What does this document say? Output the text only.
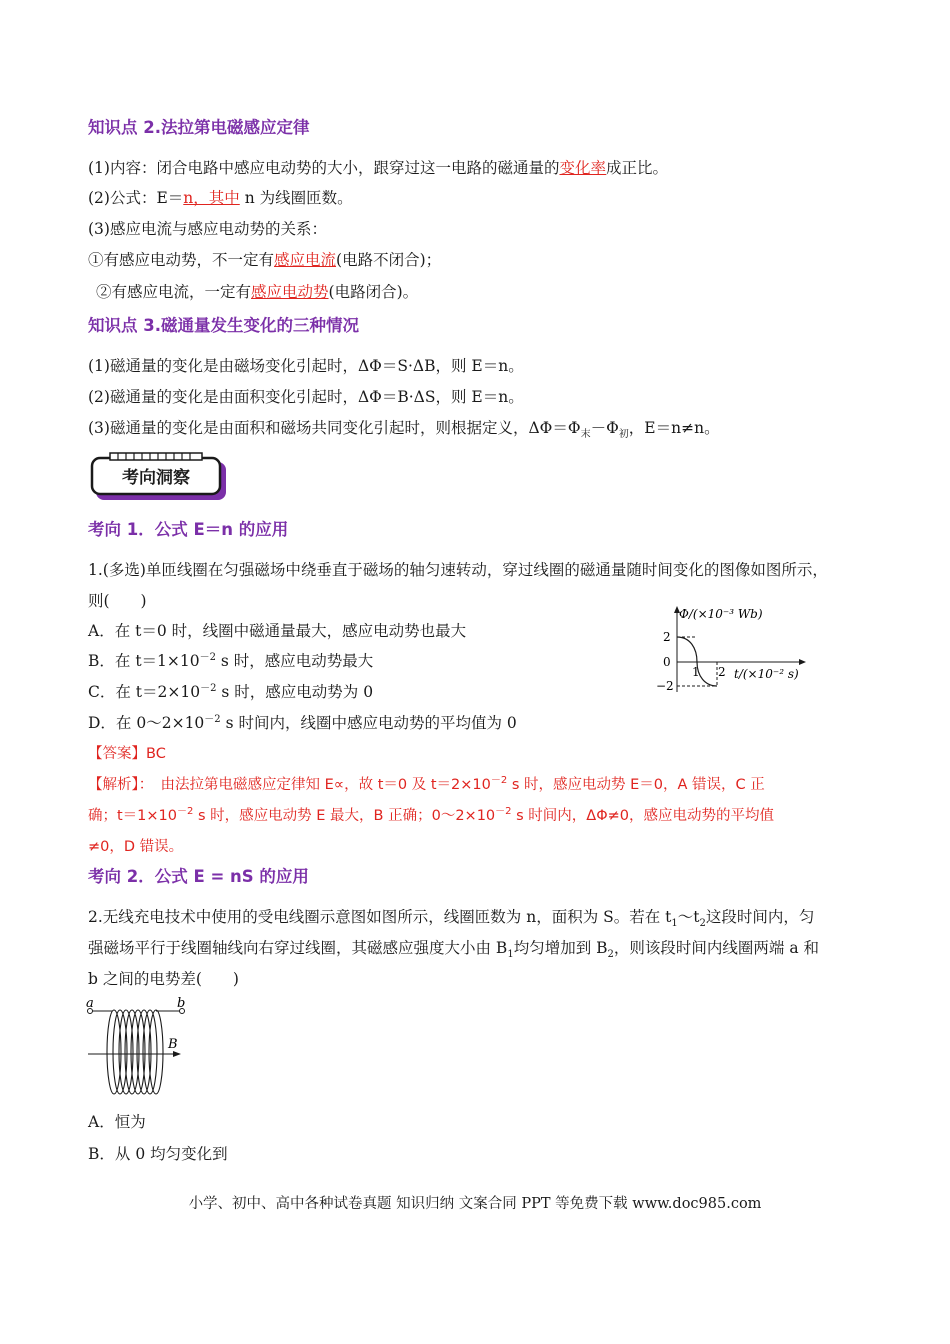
知识点 2.法拉第电磁感应定律
(1)内容：闭合电路中感应电动势的大小，跟穿过这一电路的磁通量的变化率成正比。
(2)公式：E＝n，其中 n 为线圈匝数。
(3)感应电流与感应电动势的关系：
①有感应电动势，不一定有感应电流(电路不闭合)；
②有感应电流，一定有感应电动势(电路闭合)。
知识点 3.磁通量发生变化的三种情况
(1)磁通量的变化是由磁场变化引起时，ΔΦ＝S·ΔB，则 E＝n。
(2)磁通量的变化是由面积变化引起时，ΔΦ＝B·ΔS，则 E＝n。
(3)磁通量的变化是由面积和磁场共同变化引起时，则根据定义，$\Delta\Phi=\Phi_末-\Phi_初$，E＝n≠n。
考向洞察
考向 1．公式 E＝n 的应用
1.(多选)单匝线圈在匀强磁场中绕垂直于磁场的轴匀速转动，穿过线圈的磁通量随时间变化的图像如图所示，
则(　　)
A．在 t＝0 时，线圈中磁通量最大，感应电动势也最大
B．在 $t=1\times 10^{-2}$ s 时，感应电动势最大
C．在 $t=2\times 10^{-2}$ s 时，感应电动势为 0
D．在 $0\sim 2\times 10^{-2}$ s 时间内，线圈中感应电动势的平均值为 0
Φ/(×10⁻³ Wb)
2
0
−2
1 2 t/(×10⁻² s)
【答案】BC
【解析】：　 由法拉第电磁感应定律知 E∝，故 t＝0 及 $t=2\times 10^{-2}$ s 时，感应电动势 E＝0，A 错误，C 正
确；$t=1\times 10^{-2}$ s 时，感应电动势 E 最大，B 正确；$0\sim 2\times 10^{-2}$ s 时间内，ΔΦ≠0，感应电动势的平均值
≠0，D 错误。
考向 2．公式 E = nS 的应用
2.无线充电技术中使用的受电线圈示意图如图所示，线圈匝数为 n，面积为 S。若在 $t_1\sim t_2$这段时间内，匀
强磁场平行于线圈轴线向右穿过线圈，其磁感应强度大小由 $B_1$均匀增加到 $B_2$，则该段时间内线圈两端 a 和
b 之间的电势差(　　)
a	b
B
A．恒为
B．从 0 均匀变化到
小学、初中、高中各种试卷真题 知识归纳 文案合同 PPT 等免费下载 www.doc985.com
